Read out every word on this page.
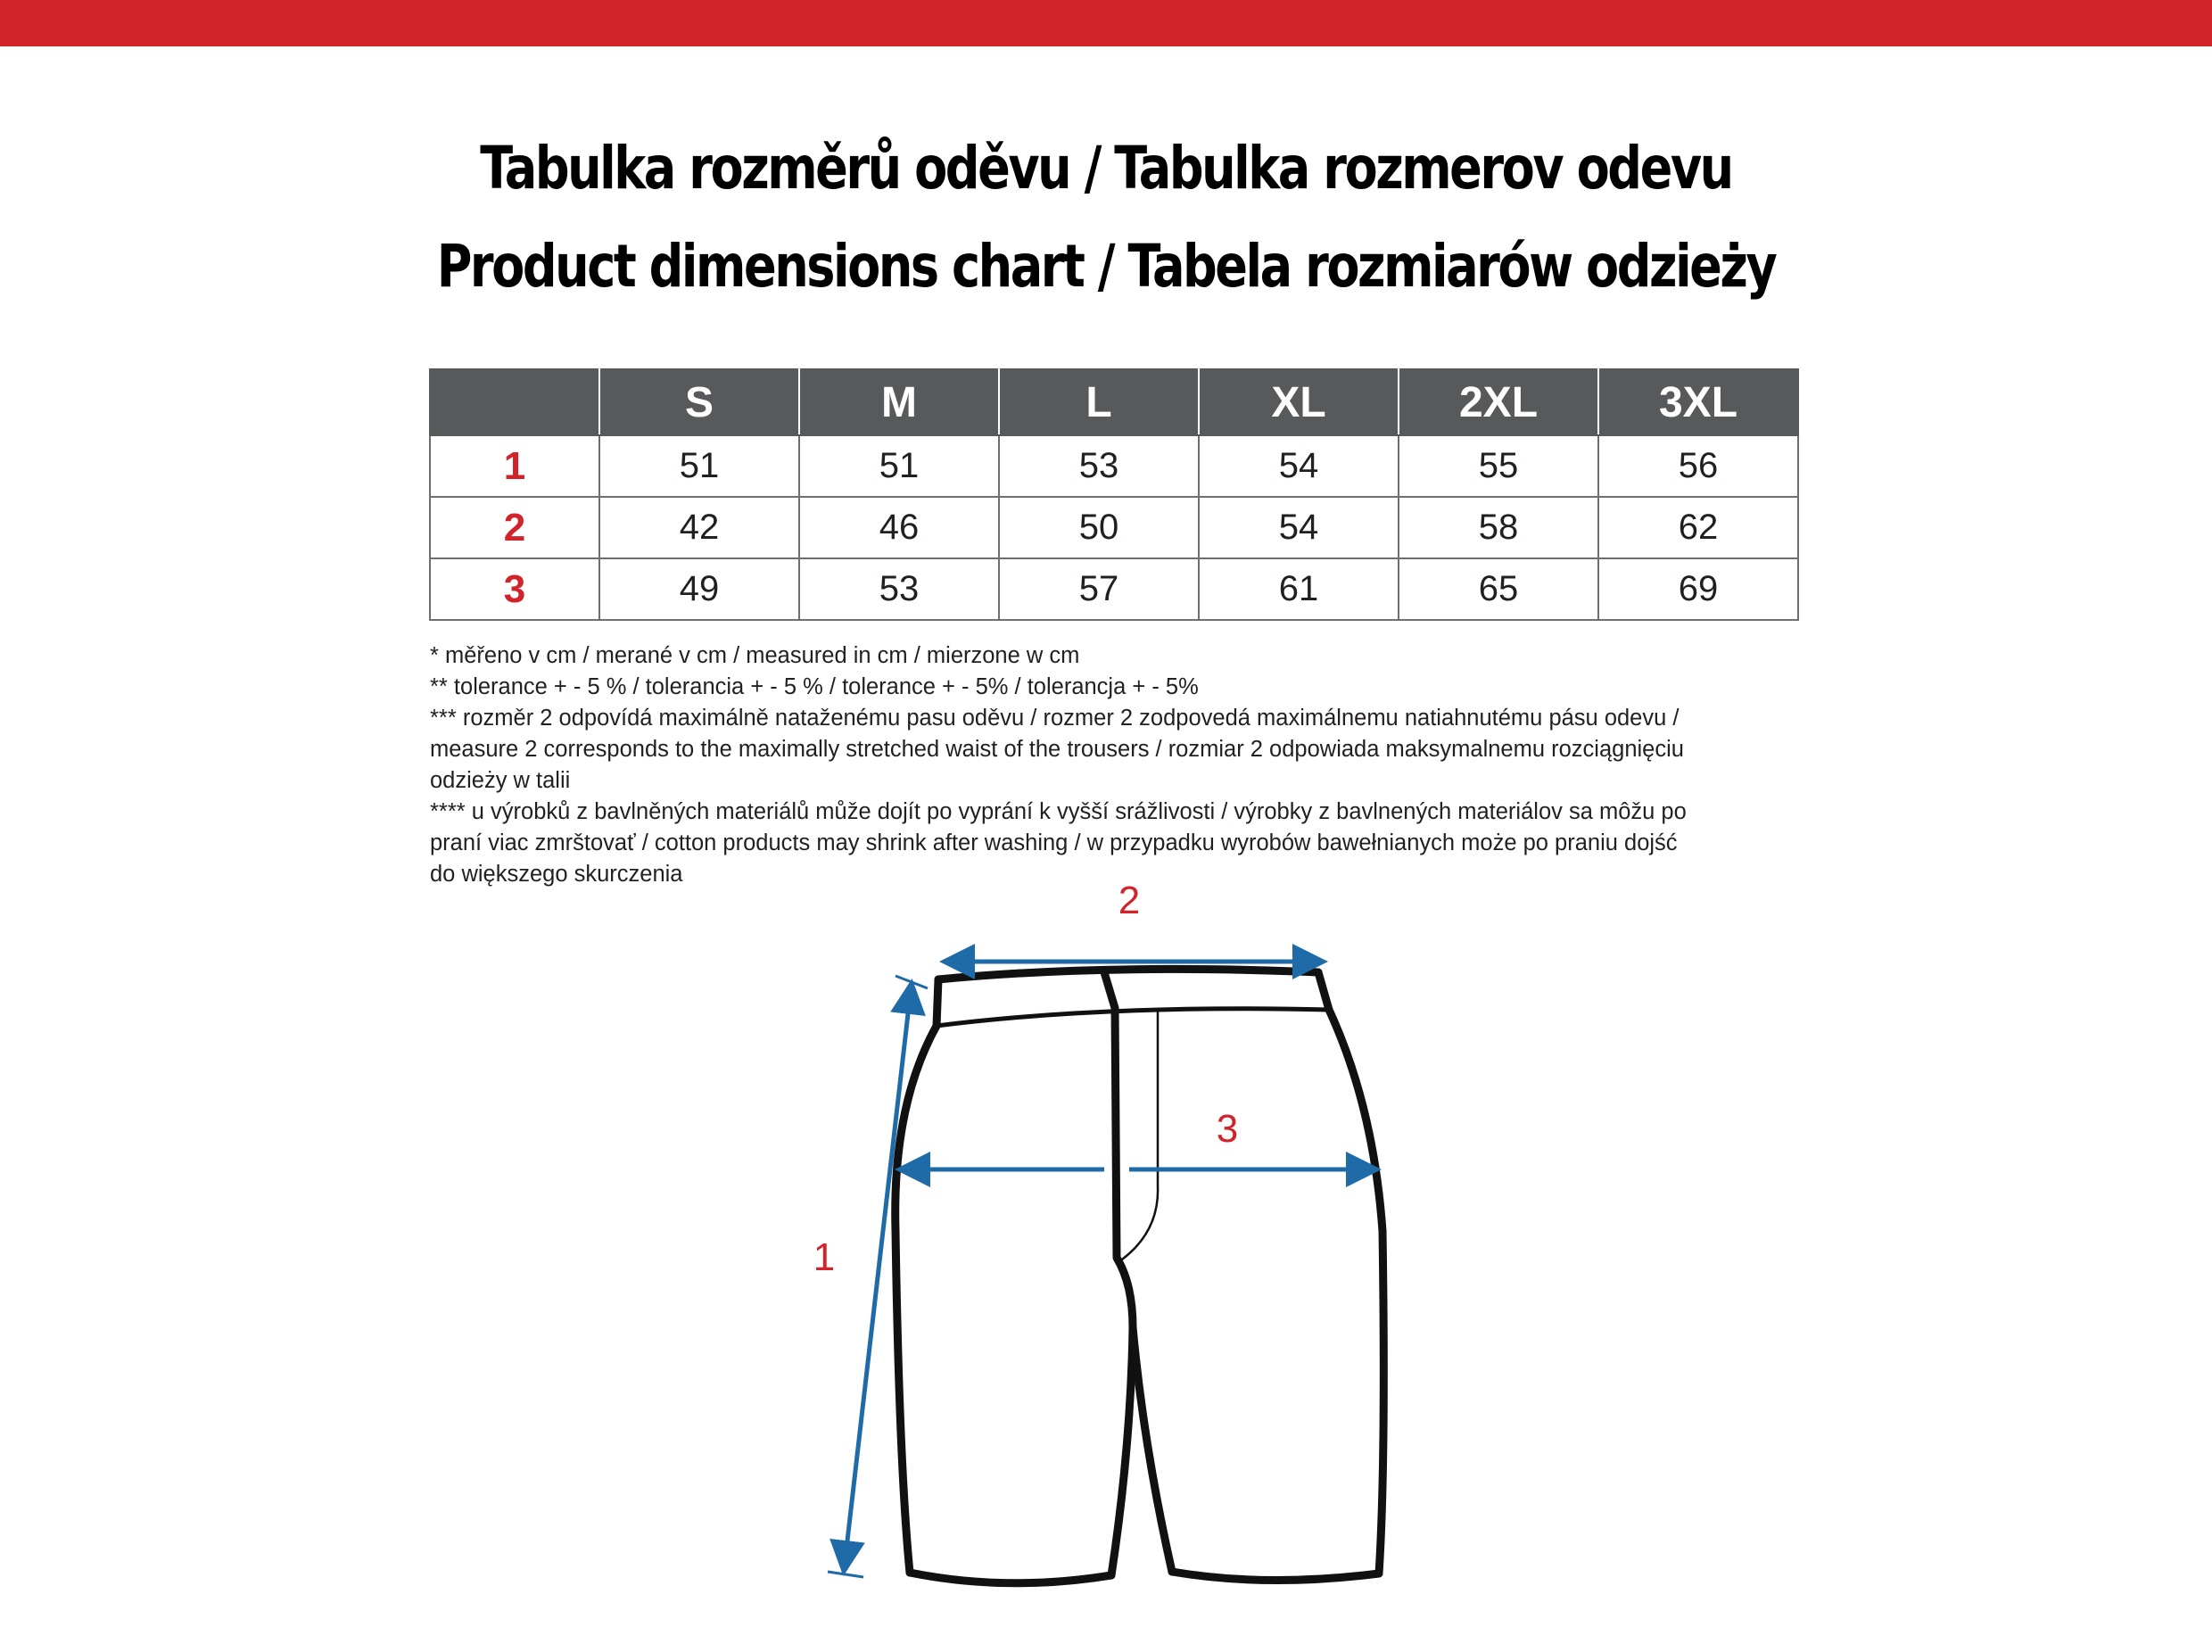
Tabulka rozměrů oděvu / Tabulka rozmerov odevu
Product dimensions chart / Tabela rozmiarów odzieży
	S	M	L	XL	2XL	3XL
1	51	51	53	54	55	56
2	42	46	50	54	58	62
3	49	53	57	61	65	69
* měřeno v cm / merané v cm / measured in cm / mierzone w cm
** tolerance + - 5 % / tolerancia + - 5 % / tolerance + - 5% / tolerancja + - 5%
*** rozměr 2 odpovídá maximálně nataženému pasu oděvu / rozmer 2 zodpovedá maximálnemu natiahnutému pásu odevu /
measure 2 corresponds to the maximally stretched waist of the trousers / rozmiar 2 odpowiada maksymalnemu rozciągnięciu
odzieży w talii
**** u výrobků z bavlněných materiálů může dojít po vyprání k vyšší srážlivosti / výrobky z bavlnených materiálov sa môžu po
praní viac zmrštovať / cotton products may shrink after washing / w przypadku wyrobów bawełnianych może po praniu dojść
do większego skurczenia
2
3
1
